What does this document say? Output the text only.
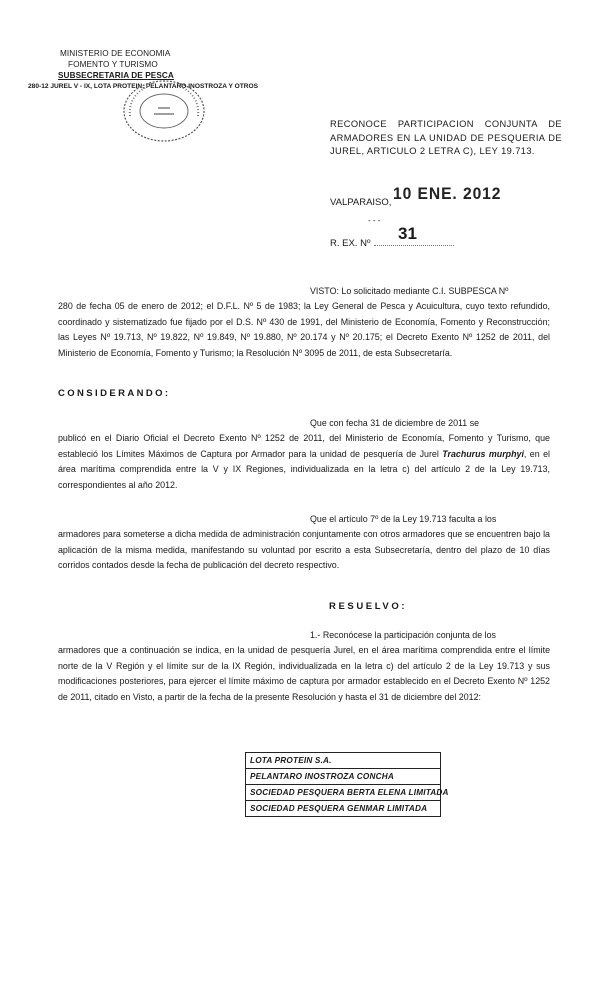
MINISTERIO DE ECONOMIA
FOMENTO Y TURISMO
SUBSECRETARIA DE PESCA
280-12 JUREL V - IX, LOTA PROTEIN, PELANTARO INOSTROZA Y OTROS
RECONOCE PARTICIPACION CONJUNTA DE ARMADORES EN LA UNIDAD DE PESQUERIA DE JUREL, ARTICULO 2 LETRA C), LEY 19.713.
VALPARAISO, 10 ENE. 2012
- - -
R. EX. Nº
31
VISTO: Lo solicitado mediante C.I. SUBPESCA Nº
280 de fecha 05 de enero de 2012; el D.F.L. Nº 5 de 1983; la Ley General de Pesca y Acuicultura, cuyo texto refundido, coordinado y sistematizado fue fijado por el D.S. Nº 430 de 1991, del Ministerio de Economía, Fomento y Reconstrucción; las Leyes Nº 19.713, Nº 19.822, Nº 19.849, Nº 19.880, Nº 20.174 y Nº 20.175; el Decreto Exento Nº 1252 de 2011, del Ministerio de Economía, Fomento y Turismo; la Resolución Nº 3095 de 2011, de esta Subsecretaría.
CONSIDERANDO:
Que con fecha 31 de diciembre de 2011 se
publicó en el Diario Oficial el Decreto Exento Nº 1252 de 2011, del Ministerio de Economía, Fomento y Turismo, que estableció los Límites Máximos de Captura por Armador para la unidad de pesquería de Jurel Trachurus murphyi, en el área marítima comprendida entre la V y IX Regiones, individualizada en la letra c) del artículo 2 de la Ley 19.713, correspondientes al año 2012.
Que el artículo 7º de la Ley 19.713 faculta a los
armadores para someterse a dicha medida de administración conjuntamente con otros armadores que se encuentren bajo la aplicación de la misma medida, manifestando su voluntad por escrito a esta Subsecretaría, dentro del plazo de 10 días corridos contados desde la fecha de publicación del decreto respectivo.
RESUELVO:
1.- Reconócese la participación conjunta de los
armadores que a continuación se indica, en la unidad de pesquería Jurel, en el área marítima comprendida entre el límite norte de la V Región y el límite sur de la IX Región, individualizada en la letra c) del artículo 2 de la Ley 19.713 y sus modificaciones posteriores, para ejercer el límite máximo de captura por armador establecido en el Decreto Exento Nº 1252 de 2011, citado en Visto, a partir de la fecha de la presente Resolución y hasta el 31 de diciembre del 2012:
LOTA PROTEIN S.A.
PELANTARO INOSTROZA CONCHA
SOCIEDAD PESQUERA BERTA ELENA LIMITADA
SOCIEDAD PESQUERA GENMAR LIMITADA
